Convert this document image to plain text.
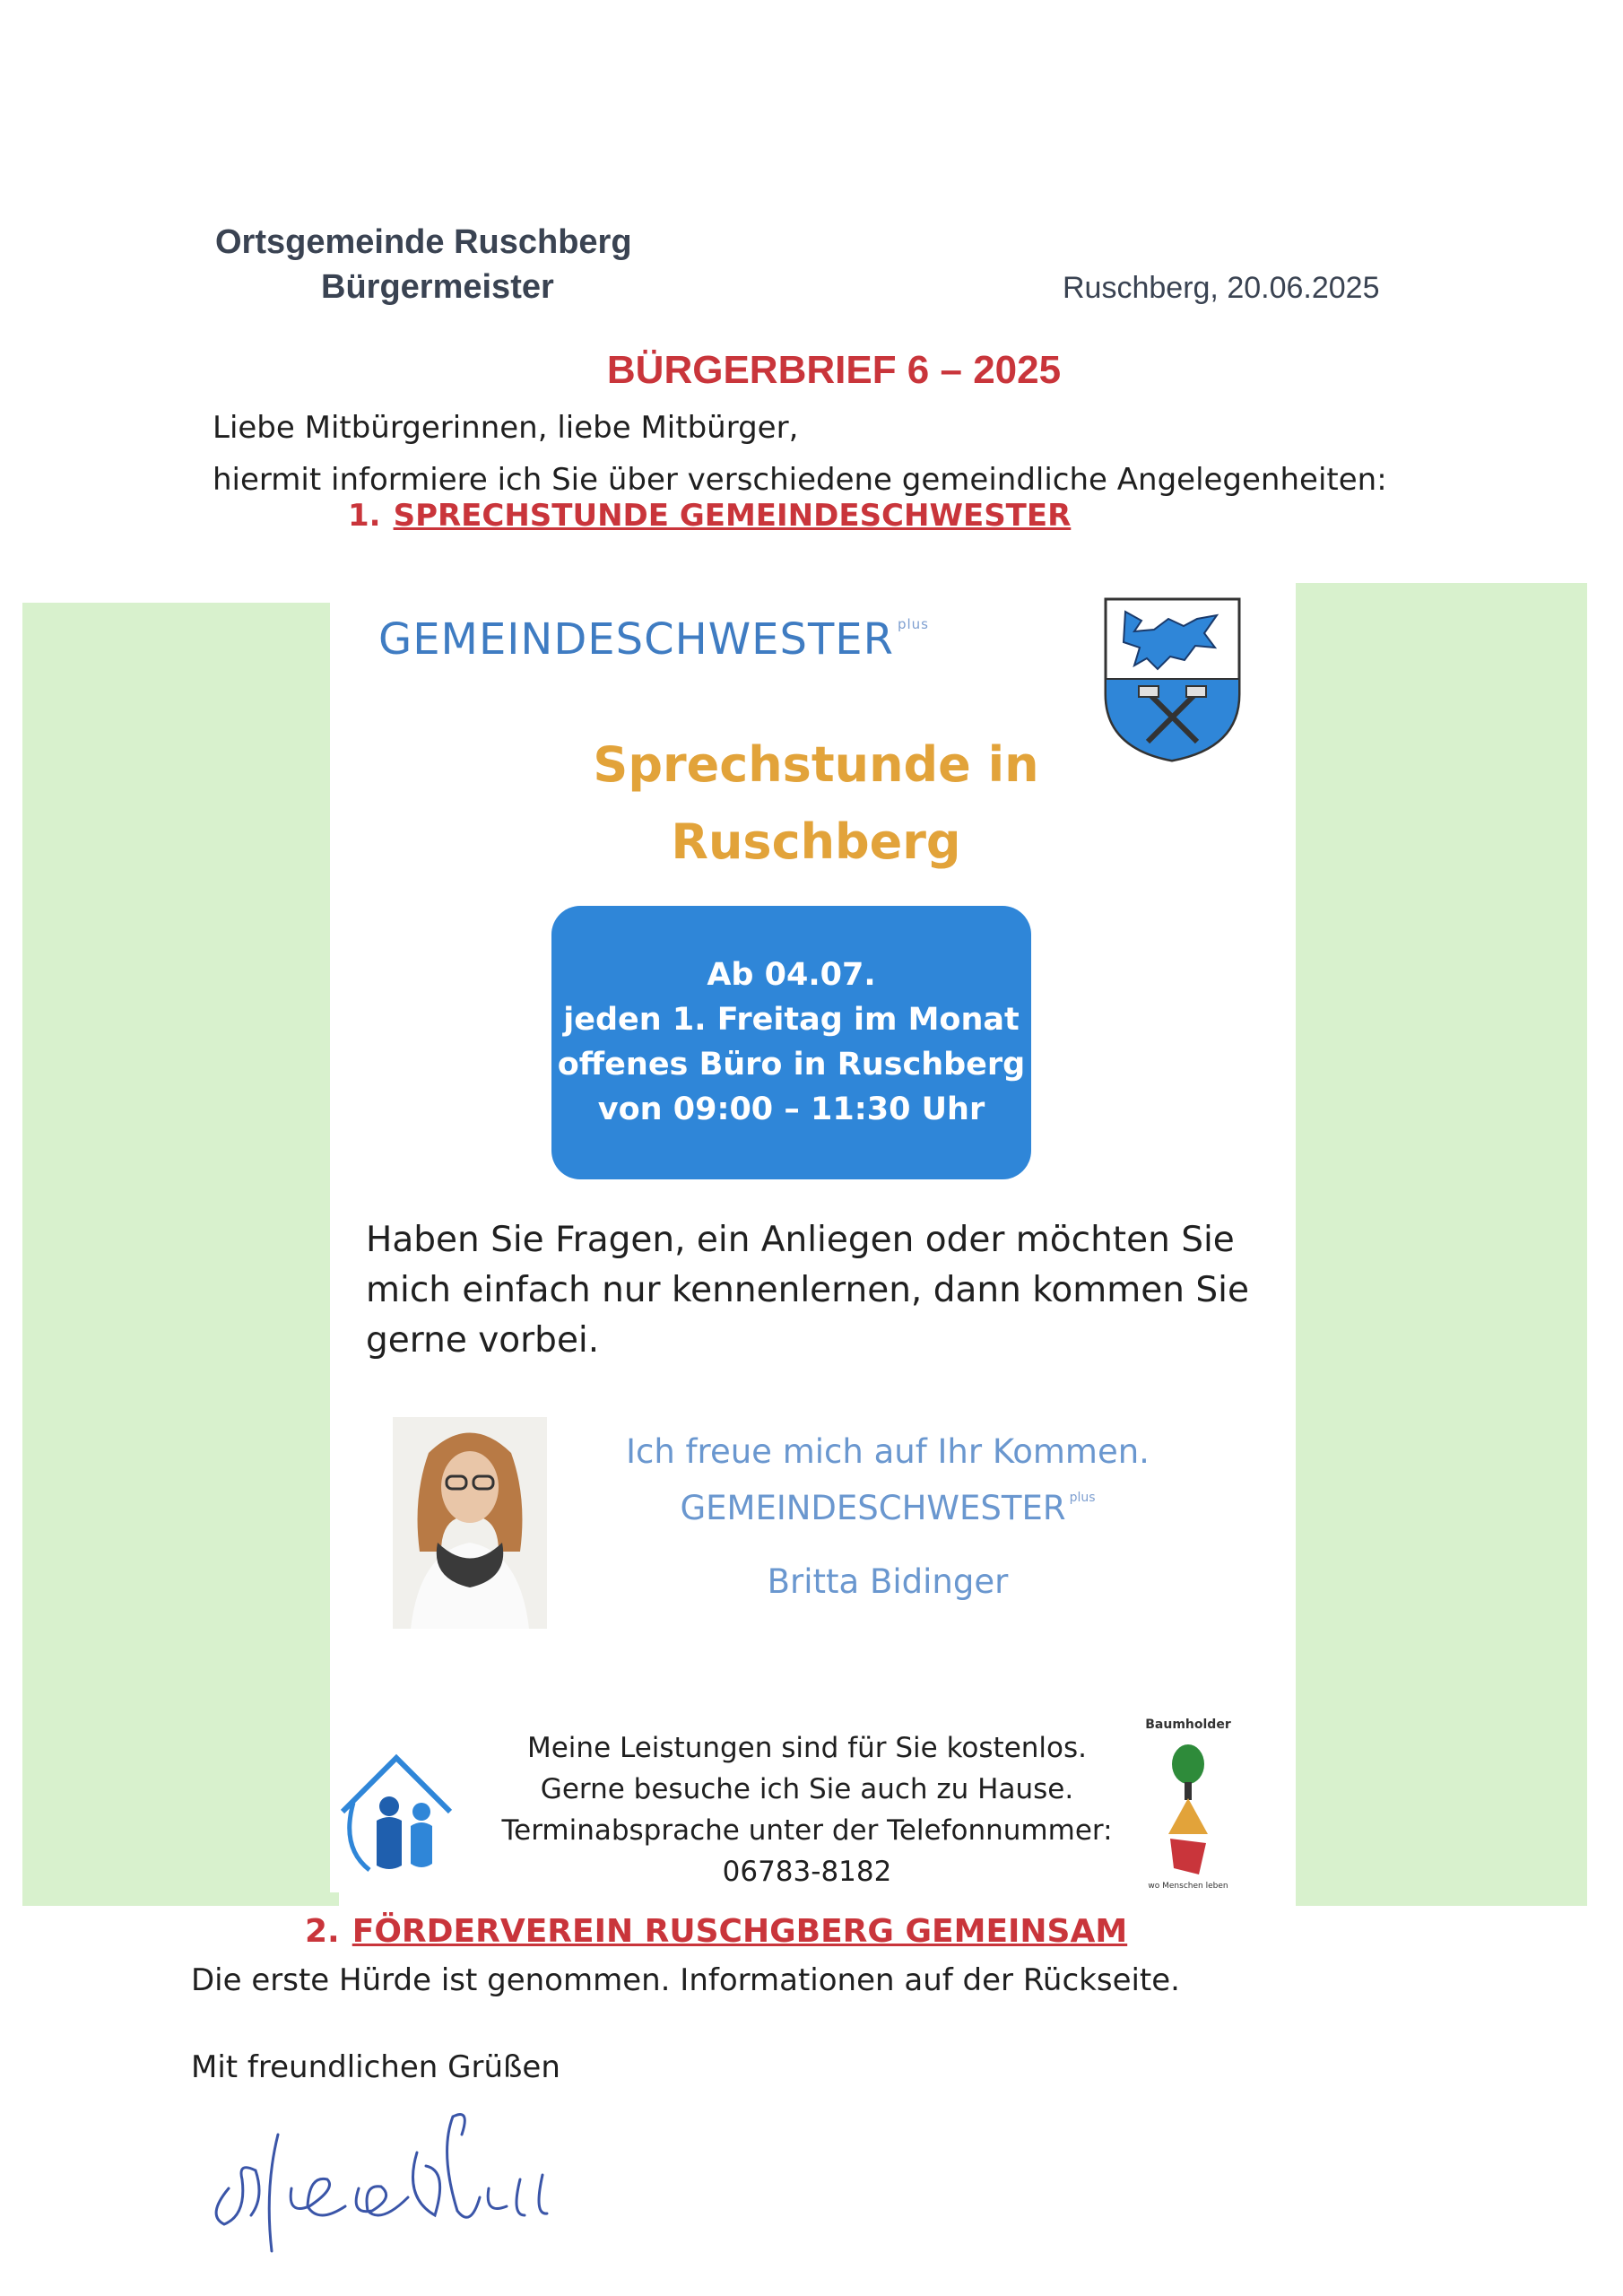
Ortsgemeinde Ruschberg
Bürgermeister	Ruschberg, 20.06.2025
BÜRGERBRIEF 6 – 2025
Liebe Mitbürgerinnen, liebe Mitbürger,
hiermit informiere ich Sie über verschiedene gemeindliche Angelegenheiten:
1. SPRECHSTUNDE GEMEINDESCHWESTER
GEMEINDESCHWESTER $^{plus}$
Sprechstunde in
Ruschberg
Ab 04.07.
jeden 1. Freitag im Monat
offenes Büro in Ruschberg
von 09:00 – 11:30 Uhr
Haben Sie Fragen, ein Anliegen oder möchten Sie
mich einfach nur kennenlernen, dann kommen Sie
gerne vorbei.
Ich freue mich auf Ihr Kommen.
GEMEINDESCHWESTER $^{plus}$
Britta Bidinger
Meine Leistungen sind für Sie kostenlos.
Gerne besuche ich Sie auch zu Hause.
Terminabsprache unter der Telefonnummer:
06783-8182
Baumholder
wo Menschen leben
2. FÖRDERVEREIN RUSCHGBERG GEMEINSAM
Die erste Hürde ist genommen. Informationen auf der Rückseite.
Mit freundlichen Grüßen
